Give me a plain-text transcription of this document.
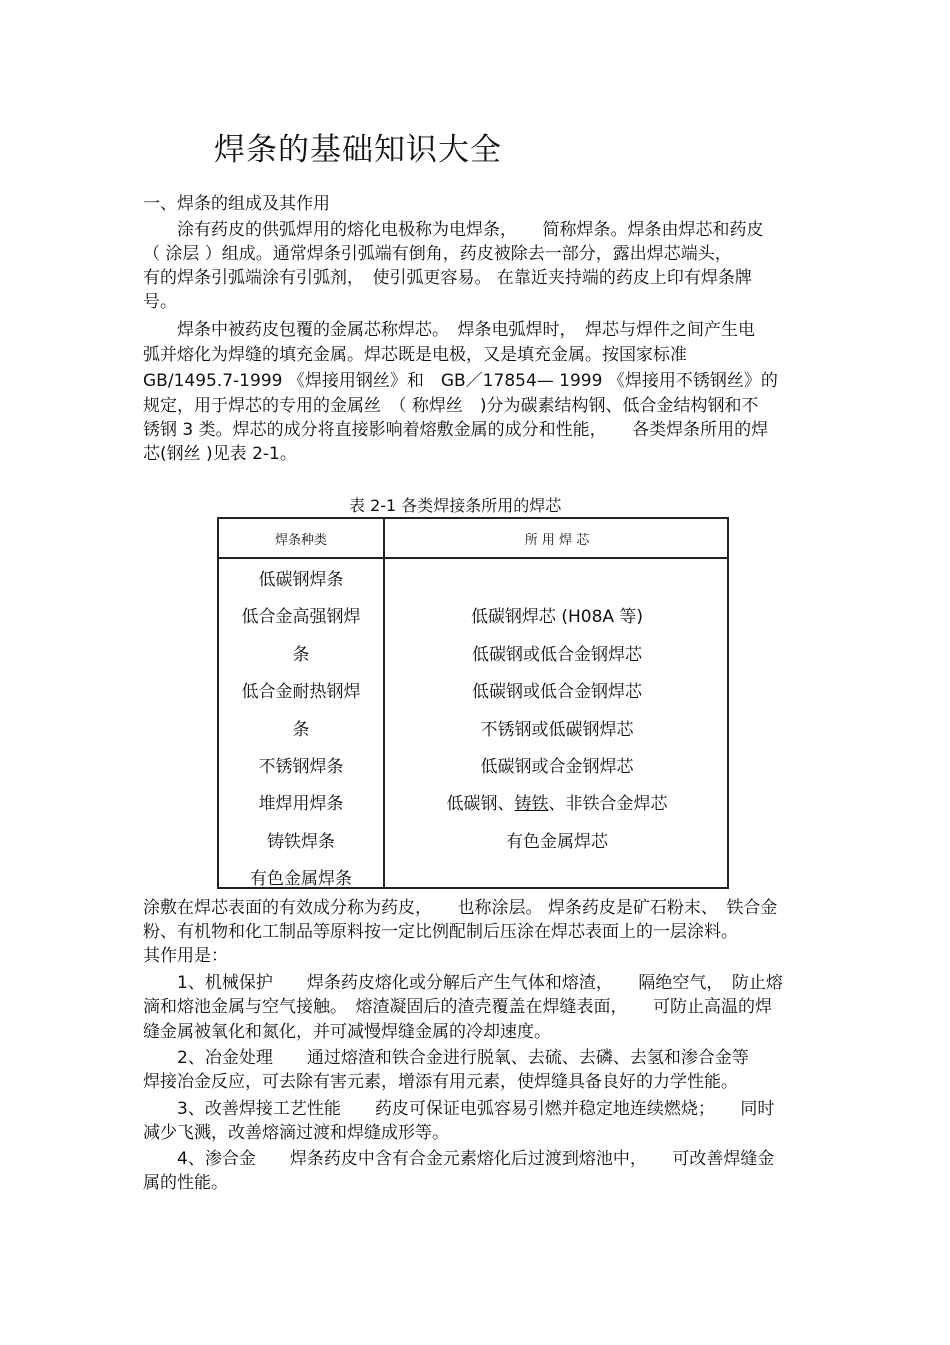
焊条的基础知识大全
一、焊条的组成及其作用
　　涂有药皮的供弧焊用的熔化电极称为电焊条，　　简称焊条。焊条由焊芯和药皮
（ 涂层 ）组成。通常焊条引弧端有倒角，药皮被除去一部分，露出焊芯端头，
有的焊条引弧端涂有引弧剂，　使引弧更容易。 在靠近夹持端的药皮上印有焊条牌
号。
　　焊条中被药皮包覆的金属芯称焊芯。　焊条电弧焊时，　焊芯与焊件之间产生电
弧并熔化为焊缝的填充金属。焊芯既是电极，又是填充金属。按国家标准
GB/1495.7-1999 《焊接用钢丝》和　GB／17854— 1999 《焊接用不锈钢丝》的
规定，用于焊芯的专用的金属丝　（ 称焊丝　)分为碳素结构钢、低合金结构钢和不
锈钢 3 类。焊芯的成分将直接影响着熔敷金属的成分和性能，　　各类焊条所用的焊
芯(钢丝 )见表 2-1。
表 2-1 各类焊接条所用的焊芯
焊条种类	所 用 焊 芯
低碳钢焊条
低合金高强钢焊
条
低合金耐热钢焊
条
不锈钢焊条
堆焊用焊条
铸铁焊条
有色金属焊条
低碳钢焊芯 (H08A 等)
低碳钢或低合金钢焊芯
低碳钢或低合金钢焊芯
不锈钢或低碳钢焊芯
低碳钢或合金钢焊芯
低碳钢、铸铁、非铁合金焊芯
有色金属焊芯
涂敷在焊芯表面的有效成分称为药皮，　　也称涂层。 焊条药皮是矿石粉末、　铁合金
粉、有机物和化工制品等原料按一定比例配制后压涂在焊芯表面上的一层涂料。
其作用是：
　　1、机械保护　　焊条药皮熔化或分解后产生气体和熔渣，　　隔绝空气，　防止熔
滴和熔池金属与空气接触。　熔渣凝固后的渣壳覆盖在焊缝表面，　　可防止高温的焊
缝金属被氧化和氮化，并可减慢焊缝金属的冷却速度。
　　2、冶金处理　　通过熔渣和铁合金进行脱氧、去硫、去磷、去氢和渗合金等
焊接冶金反应，可去除有害元素，增添有用元素，使焊缝具备良好的力学性能。
　　3、改善焊接工艺性能　　药皮可保证电弧容易引燃并稳定地连续燃烧；　　同时
减少飞溅，改善熔滴过渡和焊缝成形等。
　　4、渗合金　　焊条药皮中含有合金元素熔化后过渡到熔池中，　　可改善焊缝金
属的性能。
